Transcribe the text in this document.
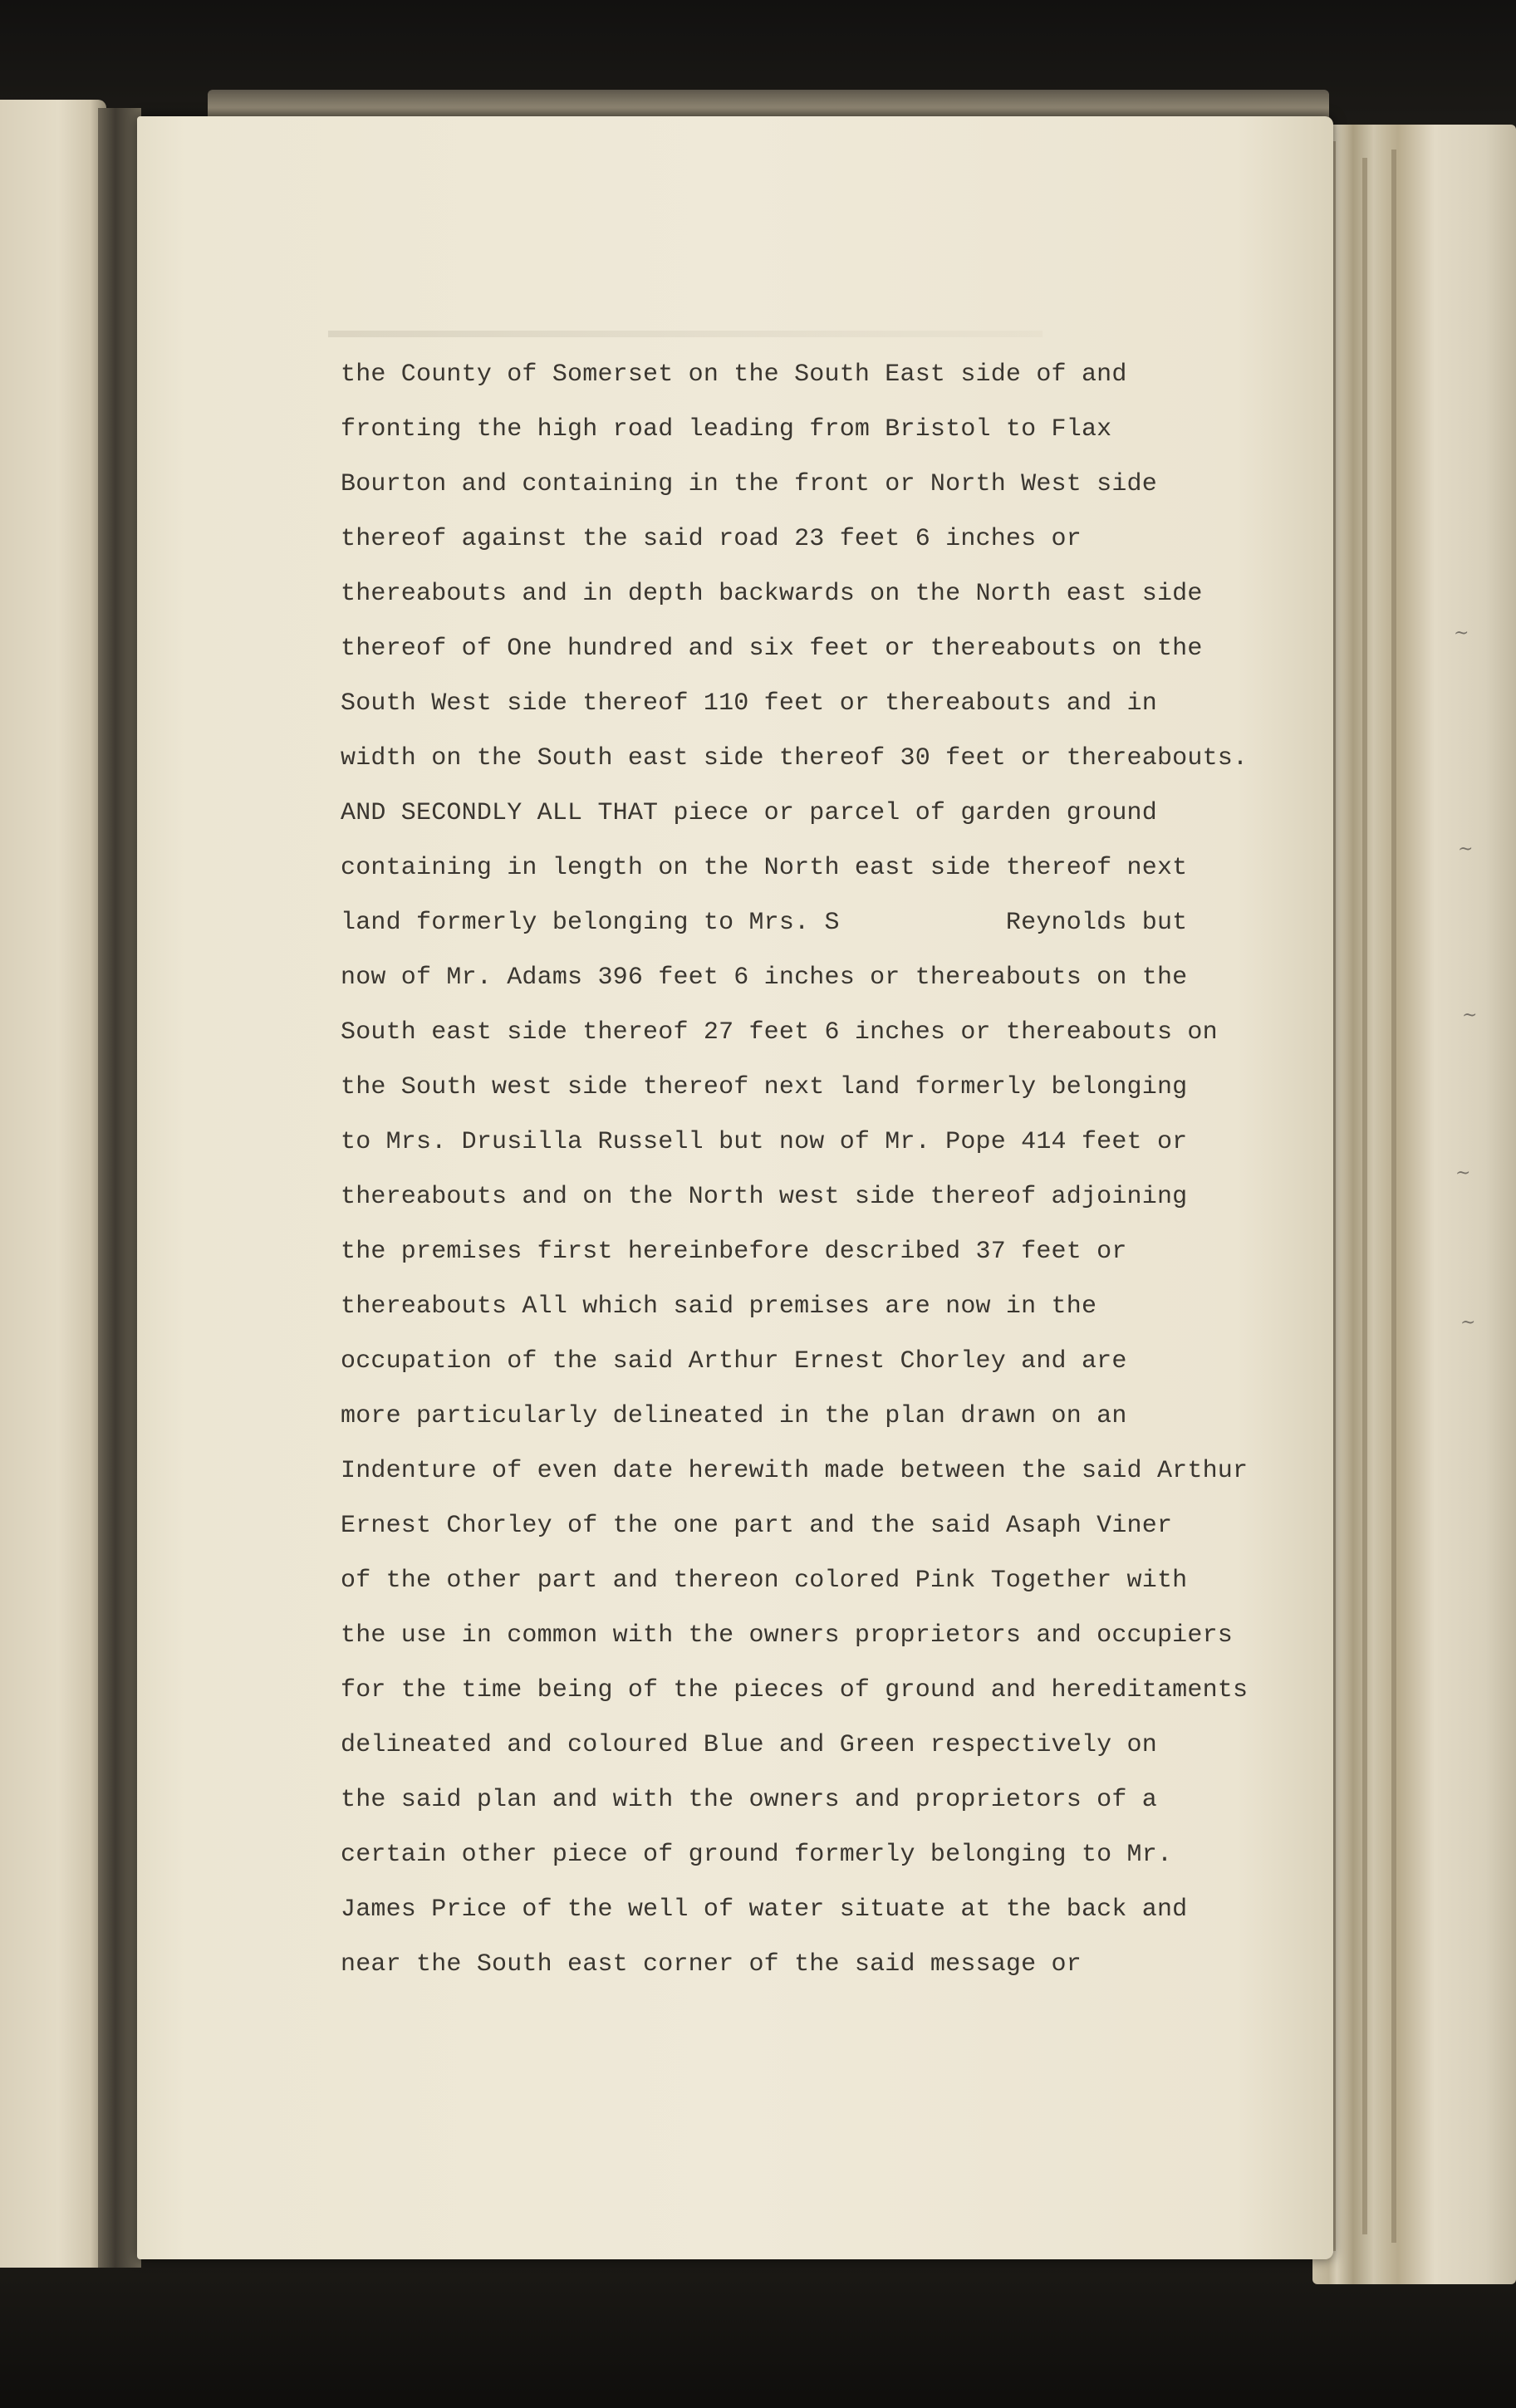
~
~
~
~
~
the County of Somerset on the South East side of and
fronting the high road leading from Bristol to Flax
Bourton and containing in the front or North West side
thereof against the said road 23 feet 6 inches or
thereabouts and in depth backwards on the North east side
thereof of One hundred and six feet or thereabouts on the
South West side thereof 110 feet or thereabouts and in
width on the South east side thereof 30 feet or thereabouts.
AND SECONDLY ALL THAT piece or parcel of garden ground
containing in length on the North east side thereof next
land formerly belonging to Mrs. S           Reynolds but
now of Mr. Adams 396 feet 6 inches or thereabouts on the
South east side thereof 27 feet 6 inches or thereabouts on
the South west side thereof next land formerly belonging
to Mrs. Drusilla Russell but now of Mr. Pope 414 feet or
thereabouts and on the North west side thereof adjoining
the premises first hereinbefore described 37 feet or
thereabouts All which said premises are now in the
occupation of the said Arthur Ernest Chorley and are
more particularly delineated in the plan drawn on an
Indenture of even date herewith made between the said Arthur
Ernest Chorley of the one part and the said Asaph Viner
of the other part and thereon colored Pink Together with
the use in common with the owners proprietors and occupiers
for the time being of the pieces of ground and hereditaments
delineated and coloured Blue and Green respectively on
the said plan and with the owners and proprietors of a
certain other piece of ground formerly belonging to Mr.
James Price of the well of water situate at the back and
near the South east corner of the said message or
